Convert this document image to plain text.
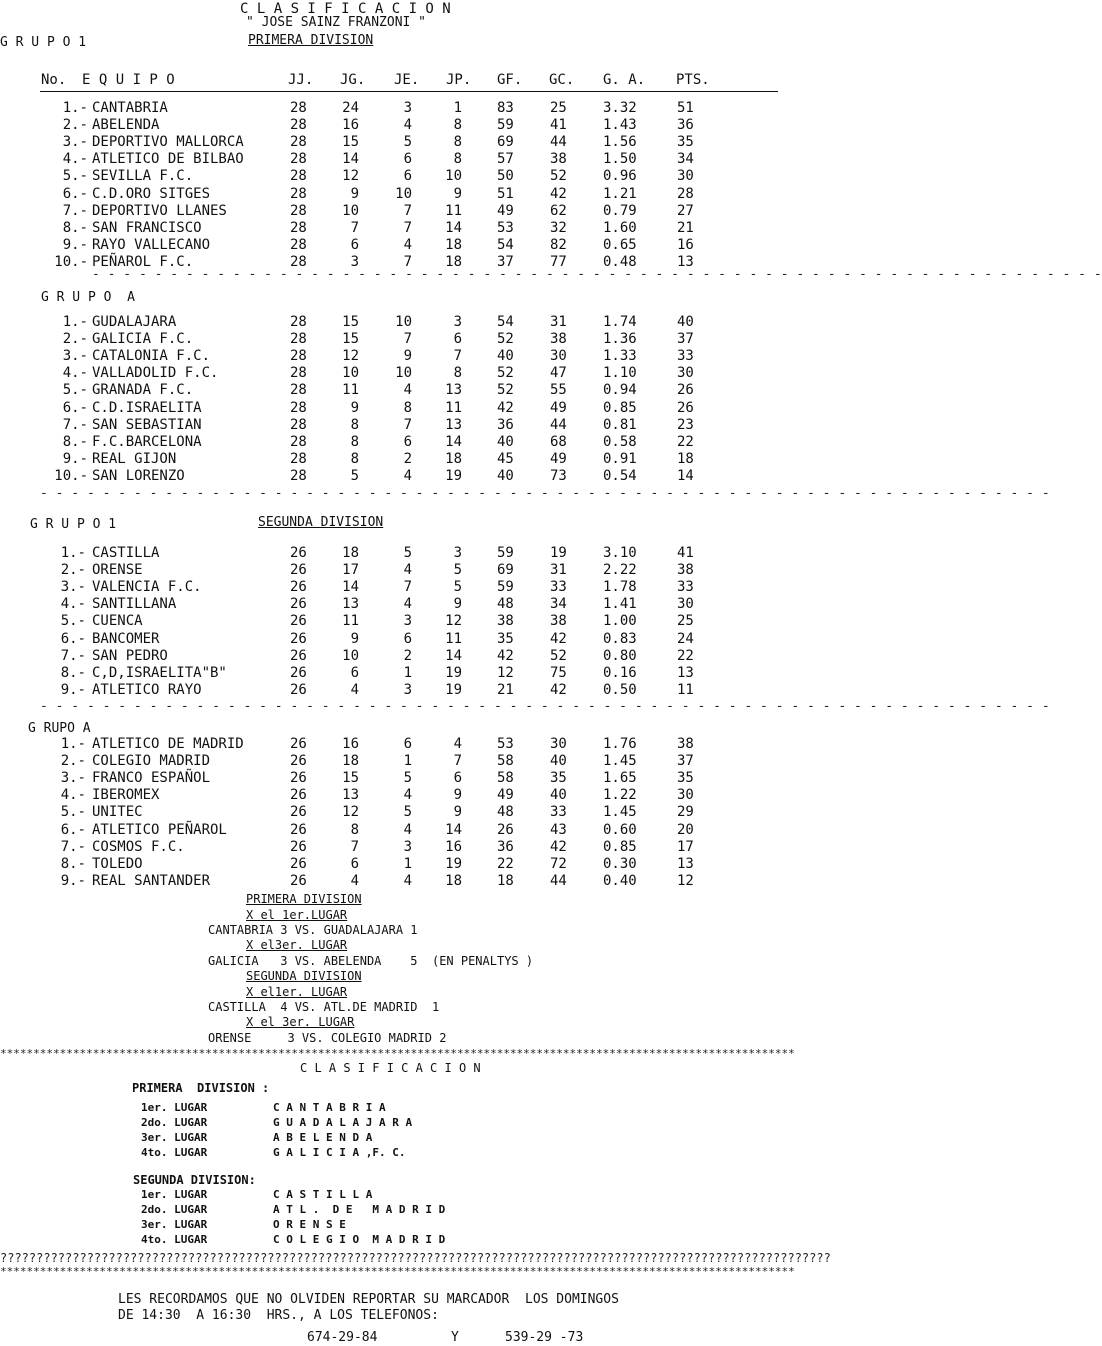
C L A S I F I C A C I O N
" JOSE SAINZ FRANZONI "
G R U P O 1	PRIMERA DIVISION
No. E Q U I P O	JJ. JG. JE. JP. GF. GC. G. A. PTS.
1.- CANTABRIA	28	24	3	1	83	25	3.32	51
2.- ABELENDA	28	16	4	8	59	41	1.43	36
3.- DEPORTIVO MALLORCA	28	15	5	8	69	44	1.56	35
4.- ATLETICO DE BILBAO	28	14	6	8	57	38	1.50	34
5.- SEVILLA F.C.	28	12	6	10	50	52	0.96	30
6.- C.D.ORO SITGES	28	9	10	9	51	42	1.21	28
7.- DEPORTIVO LLANES	28	10	7	11	49	62	0.79	27
8.- SAN FRANCISCO	28	7	7	14	53	32	1.60	21
9.- RAYO VALLECANO	28	6	4	18	54	82	0.65	16
10.- PEÑAROL F.C.	28	3	7	18	37	77	0.48	13
- - - - - - - - - - - - - - - - - - - - - - - - - - - - - - - - - - - - - - - - - - - - - - - - - - - - - - - - - - - - - - - - -
G R U P O  A
1.- GUDALAJARA	28	15	10	3	54	31	1.74	40
2.- GALICIA F.C.	28	15	7	6	52	38	1.36	37
3.- CATALONIA F.C.	28	12	9	7	40	30	1.33	33
4.- VALLADOLID F.C.	28	10	10	8	52	47	1.10	30
5.- GRANADA F.C.	28	11	4	13	52	55	0.94	26
6.- C.D.ISRAELITA	28	9	8	11	42	49	0.85	26
7.- SAN SEBASTIAN	28	8	7	13	36	44	0.81	23
8.- F.C.BARCELONA	28	8	6	14	40	68	0.58	22
9.- REAL GIJON	28	8	2	18	45	49	0.91	18
10.- SAN LORENZO	28	5	4	19	40	73	0.54	14
- - - - - - - - - - - - - - - - - - - - - - - - - - - - - - - - - - - - - - - - - - - - - - - - - - - - - - - - - - - - - - - - -
G R U P O 1	SEGUNDA DIVISION
1.- CASTILLA	26	18	5	3	59	19	3.10	41
2.- ORENSE	26	17	4	5	69	31	2.22	38
3.- VALENCIA F.C.	26	14	7	5	59	33	1.78	33
4.- SANTILLANA	26	13	4	9	48	34	1.41	30
5.- CUENCA	26	11	3	12	38	38	1.00	25
6.- BANCOMER	26	9	6	11	35	42	0.83	24
7.- SAN PEDRO	26	10	2	14	42	52	0.80	22
8.- C,D,ISRAELITA"B"	26	6	1	19	12	75	0.16	13
9.- ATLETICO RAYO	26	4	3	19	21	42	0.50	11
- - - - - - - - - - - - - - - - - - - - - - - - - - - - - - - - - - - - - - - - - - - - - - - - - - - - - - - - - - - - - - - - -
G RUPO A
1.- ATLETICO DE MADRID	26	16	6	4	53	30	1.76	38
2.- COLEGIO MADRID	26	18	1	7	58	40	1.45	37
3.- FRANCO ESPAÑOL	26	15	5	6	58	35	1.65	35
4.- IBEROMEX	26	13	4	9	49	40	1.22	30
5.- UNITEC	26	12	5	9	48	33	1.45	29
6.- ATLETICO PEÑAROL	26	8	4	14	26	43	0.60	20
7.- COSMOS F.C.	26	7	3	16	36	42	0.85	17
8.- TOLEDO	26	6	1	19	22	72	0.30	13
9.- REAL SANTANDER	26	4	4	18	18	44	0.40	12
PRIMERA DIVISION
X el 1er.LUGAR
CANTABRIA 3 VS. GUADALAJARA 1
X el3er. LUGAR
GALICIA   3 VS. ABELENDA    5  (EN PENALTYS )
SEGUNDA DIVISION
X el1er. LUGAR
CASTILLA  4 VS. ATL.DE MADRID  1
X el 3er. LUGAR
ORENSE     3 VS. COLEGIO MADRID 2
************************************************************************************************************************
C L A S I F I C A C I O N
PRIMERA  DIVISION :
1er. LUGAR	C A N T A B R I A
2do. LUGAR	G U A D A L A J A R A
3er. LUGAR	A B E L E N D A
4to. LUGAR	G A L I C I A ,F. C.
SEGUNDA DIVISION:
1er. LUGAR	C A S T I L L A
2do. LUGAR	A T L .  D E   M A D R I D
3er. LUGAR	O R E N S E
4to. LUGAR	C O L E G I O  M A D R I D
???????????????????????????????????????????????????????????????????????????????????????????????????????????????????
************************************************************************************************************************
LES RECORDAMOS QUE NO OLVIDEN REPORTAR SU MARCADOR  LOS DOMINGOS
DE 14:30  A 16:30  HRS., A LOS TELEFONOS:
674-29-84	Y	539-29 -73
